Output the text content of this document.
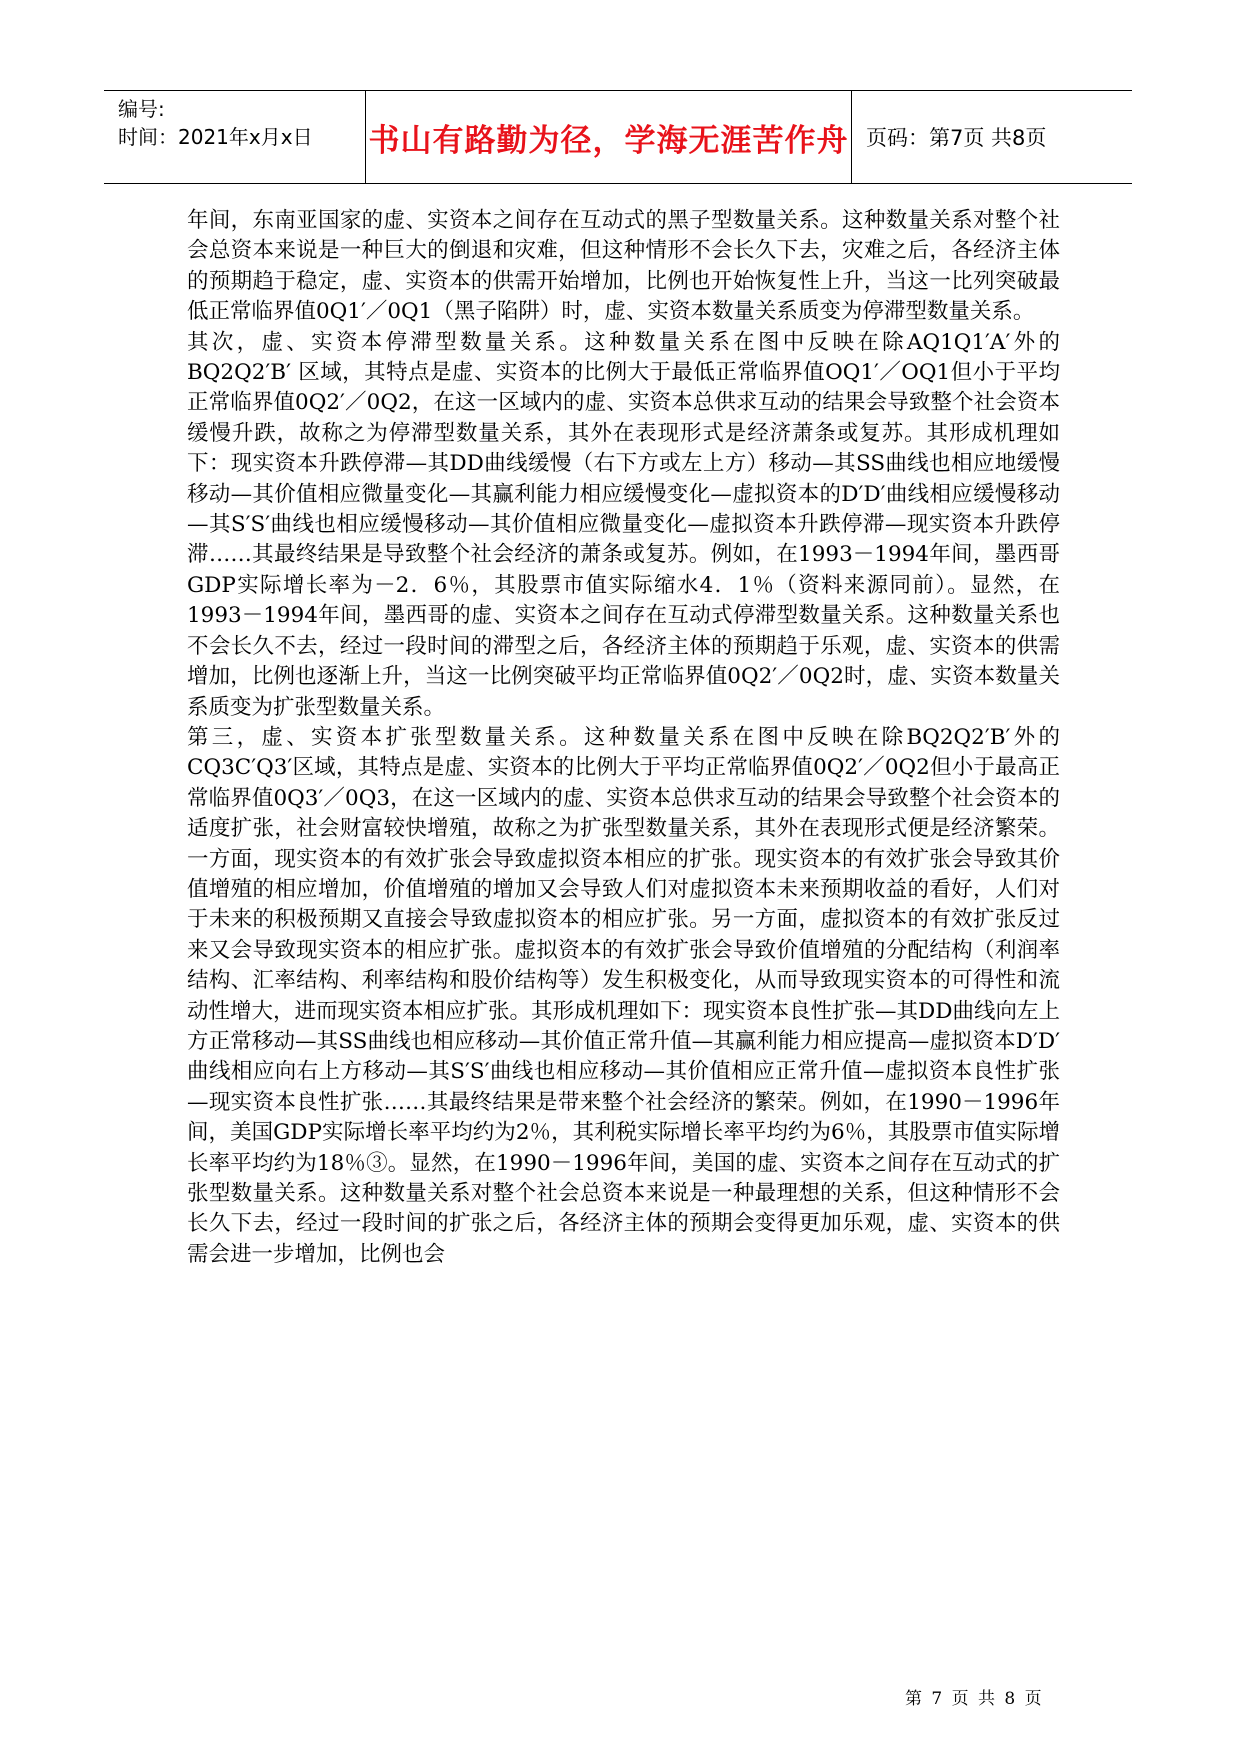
编号:
时间：2021年x月x日	书山有路勤为径，学海无涯苦作舟 页码：第7页 共8页

年间，东南亚国家的虚、实资本之间存在互动式的黑子型数量关系。这种数量关系对整个社会总资本来说是一种巨大的倒退和灾难，但这种情形不会长久下去，灾难之后，各经济主体的预期趋于稳定，虚、实资本的供需开始增加，比例也开始恢复性上升，当这一比列突破最低正常临界值0Q1′／0Q1（黑子陷阱）时，虚、实资本数量关系质变为停滞型数量关系。

其次，虚、实资本停滞型数量关系。这种数量关系在图中反映在除AQ1Q1′A′外的BQ2Q2′B′ 区域，其特点是虚、实资本的比例大于最低正常临界值OQ1′／OQ1但小于平均正常临界值0Q2′／0Q2，在这一区域内的虚、实资本总供求互动的结果会导致整个社会资本缓慢升跌，故称之为停滞型数量关系，其外在表现形式是经济萧条或复苏。其形成机理如下：现实资本升跌停滞—其DD曲线缓慢（右下方或左上方）移动—其SS曲线也相应地缓慢移动—其价值相应微量变化—其赢利能力相应缓慢变化—虚拟资本的D′D′曲线相应缓慢移动—其S′S′曲线也相应缓慢移动—其价值相应微量变化—虚拟资本升跌停滞—现实资本升跌停滞……其最终结果是导致整个社会经济的萧条或复苏。例如，在1993－1994年间，墨西哥GDP实际增长率为－2．6％，其股票市值实际缩水4．1％（资料来源同前）。显然，在1993－1994年间，墨西哥的虚、实资本之间存在互动式停滞型数量关系。这种数量关系也不会长久不去，经过一段时间的滞型之后，各经济主体的预期趋于乐观，虚、实资本的供需增加，比例也逐渐上升，当这一比例突破平均正常临界值0Q2′／0Q2时，虚、实资本数量关系质变为扩张型数量关系。

第三，虚、实资本扩张型数量关系。这种数量关系在图中反映在除BQ2Q2′B′外的CQ3C′Q3′区域，其特点是虚、实资本的比例大于平均正常临界值0Q2′／0Q2但小于最高正常临界值0Q3′／0Q3，在这一区域内的虚、实资本总供求互动的结果会导致整个社会资本的适度扩张，社会财富较快增殖，故称之为扩张型数量关系，其外在表现形式便是经济繁荣。一方面，现实资本的有效扩张会导致虚拟资本相应的扩张。现实资本的有效扩张会导致其价值增殖的相应增加，价值增殖的增加又会导致人们对虚拟资本未来预期收益的看好，人们对于未来的积极预期又直接会导致虚拟资本的相应扩张。另一方面，虚拟资本的有效扩张反过来又会导致现实资本的相应扩张。虚拟资本的有效扩张会导致价值增殖的分配结构（利润率结构、汇率结构、利率结构和股价结构等）发生积极变化，从而导致现实资本的可得性和流动性增大，进而现实资本相应扩张。其形成机理如下：现实资本良性扩张—其DD曲线向左上方正常移动—其SS曲线也相应移动—其价值正常升值—其赢利能力相应提高—虚拟资本D′D′曲线相应向右上方移动—其S′S′曲线也相应移动—其价值相应正常升值—虚拟资本良性扩张—现实资本良性扩张……其最终结果是带来整个社会经济的繁荣。例如，在1990－1996年间，美国GDP实际增长率平均约为2％，其利税实际增长率平均约为6％，其股票市值实际增长率平均约为18％③。显然，在1990－1996年间，美国的虚、实资本之间存在互动式的扩张型数量关系。这种数量关系对整个社会总资本来说是一种最理想的关系，但这种情形不会长久下去，经过一段时间的扩张之后，各经济主体的预期会变得更加乐观，虚、实资本的供需会进一步增加，比例也会

第 7 页 共 8 页
